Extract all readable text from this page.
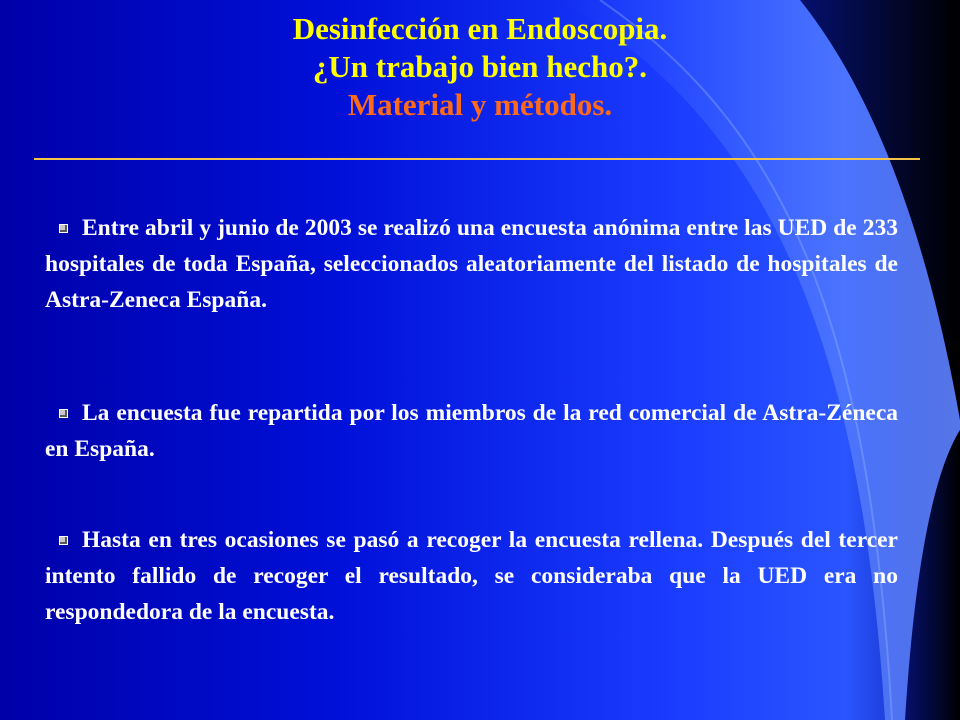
Desinfección en Endoscopia.
¿Un trabajo bien hecho?.
Material y métodos.
Entre abril y junio de 2003 se realizó una encuesta anónima entre las UED de 233 hospitales de toda España, seleccionados aleatoriamente del listado de hospitales de Astra-Zeneca España.
La encuesta fue repartida por los miembros de la red comercial de Astra-Zéneca en España.
Hasta en tres ocasiones se pasó a recoger la encuesta rellena. Después del tercer intento fallido de recoger el resultado, se consideraba que la UED era no respondedora de la encuesta.
